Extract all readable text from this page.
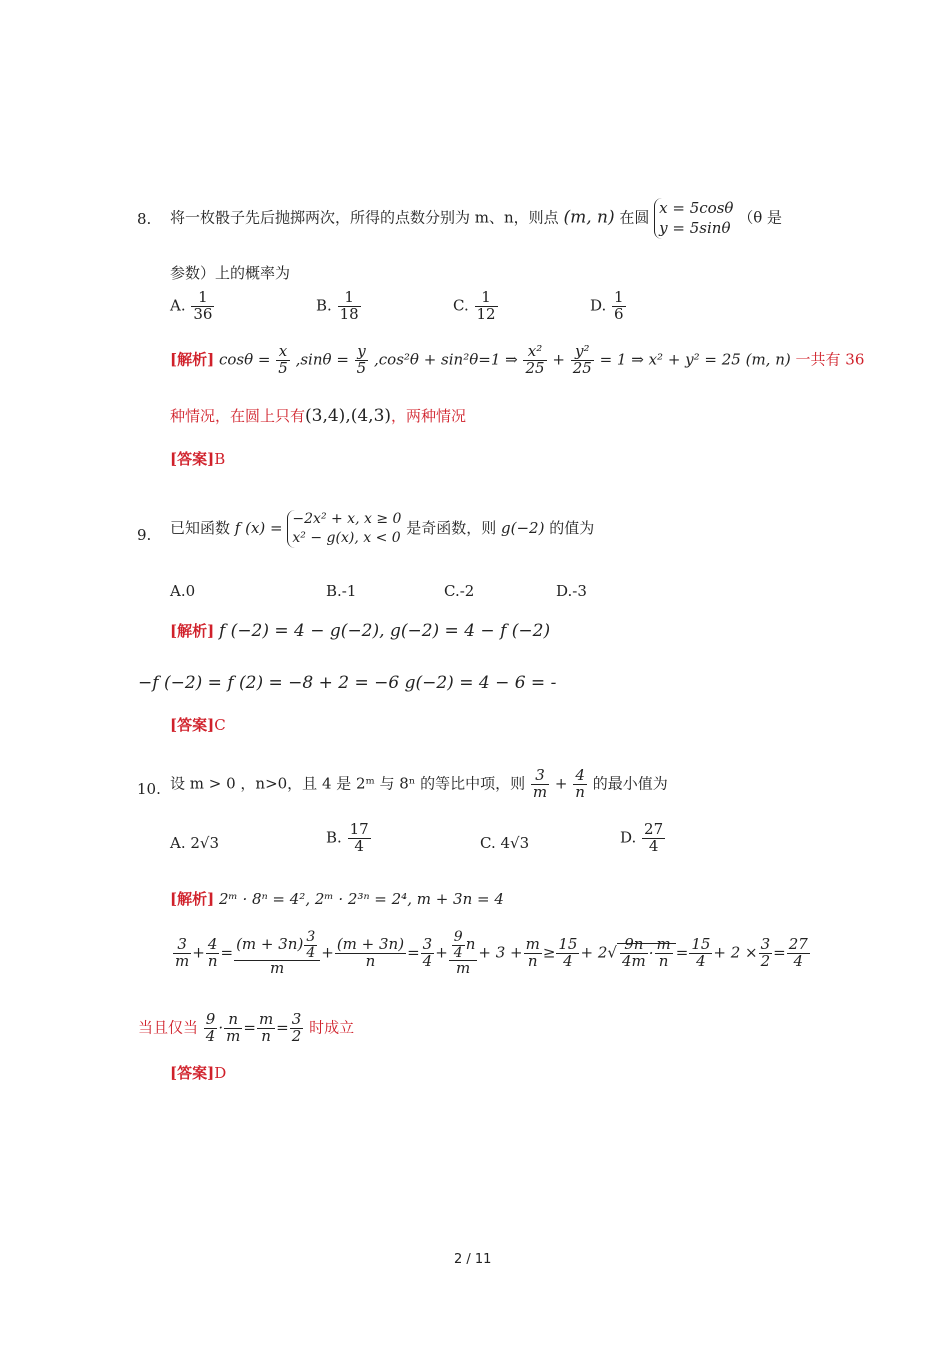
8. 将一枚骰子先后抛掷两次，所得的点数分别为 m、n，则点 (m, n) 在圆
x = 5cosθ
y = 5sinθ
（θ 是
参数）上的概率为
A. $\frac{1}{36}$	B. $\frac{1}{18}$	C. $\frac{1}{12}$	D. $\frac{1}{6}$
[解析] $\cos\theta = \frac{x}{5} ,\sin\theta = \frac{y}{5} ,\cos^2\theta + \sin^2\theta=1$ ⇒ $\frac{\text{x²}}{25} + \frac{\text{y²}}{25} = 1$ ⇒ x² + y² = 25 (m, n) 一共有 36
种情况，在圆上只有(3,4),(4,3)，两种情况
[答案]B
9. 已知函数 f (x) = −2x² + x, x ≥ 0
x² − g(x), x < 0
是奇函数，则 g(−2) 的值为
A.0	B.-1	C.-2	D.-3
[解析] f (−2) = 4 − g(−2), g(−2) = 4 − f (−2)
−f (−2) = f (2) = −8 + 2 = −6 g(−2) = 4 − 6 = -
[答案]C
10. 设 m > 0 ，n>0，且 4 是 2ᵐ 与 8ⁿ 的等比中项，则 $\frac{3}{m} + \frac{4}{n}$ 的最小值为
A. 2√3	B. $\frac{17}{4}$	C. 4√3	D. $\frac{27}{4}$
[解析] 2ᵐ · 8ⁿ = 4², 2ᵐ · 2³ⁿ = 2⁴, m + 3n = 4
$\frac{3}{m} + \frac{4}{n} = \frac{(m + 3n) \frac{3}{4}}{m} + \frac{(m + 3n)}{n} = \frac{3}{4} + \frac{\frac{9}{4} n}{m} + 3 + \frac{m}{n} \ge \frac{15}{4} + 2√ \frac{9n}{4m} \cdot \frac{m}{n} = \frac{15}{4} + 2 \times \frac{3}{2} = \frac{27}{4}$
当且仅当 $\frac{9}{4} \cdot \frac{n}{m} = \frac{m}{n} = \frac{3}{2}$ 时成立
[答案]D
2 / 11
